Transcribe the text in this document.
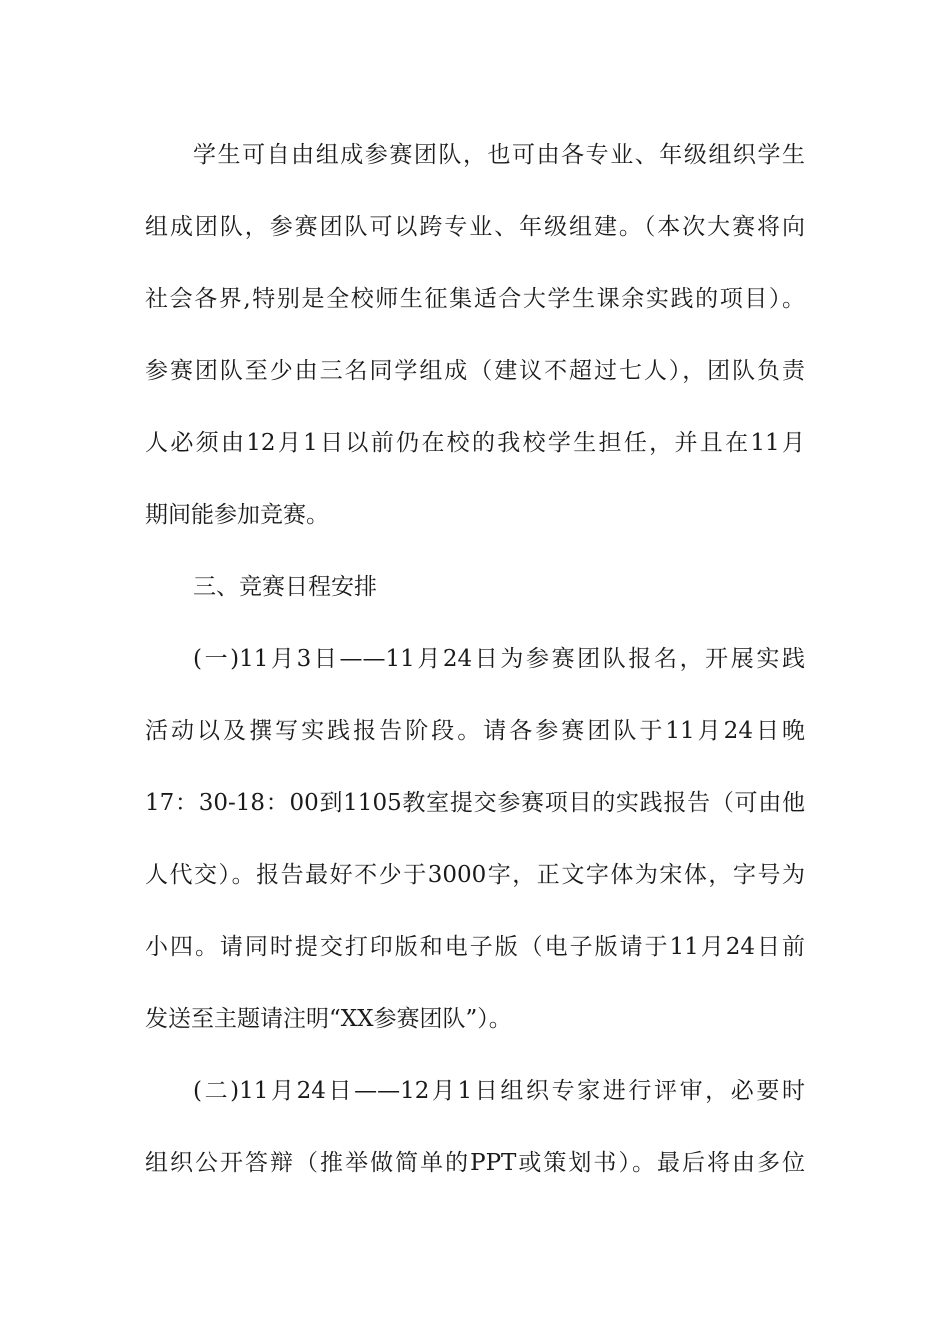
学生可自由组成参赛团队，也可由各专业、年级组织学生
组成团队，参赛团队可以跨专业、年级组建。（本次大赛将向
社会各界,特别是全校师生征集适合大学生课余实践的项目）。
参赛团队至少由三名同学组成（建议不超过七人），团队负责
人必须由12月1日以前仍在校的我校学生担任，并且在11月
期间能参加竞赛。
三、竞赛日程安排
(一)11月3日——11月24日为参赛团队报名，开展实践
活动以及撰写实践报告阶段。请各参赛团队于11月24日晚
17：30-18：00到1105教室提交参赛项目的实践报告（可由他
人代交）。报告最好不少于3000字，正文字体为宋体，字号为
小四。请同时提交打印版和电子版（电子版请于11月24日前
发送至主题请注明“XX参赛团队”）。
(二)11月24日——12月1日组织专家进行评审，必要时
组织公开答辩（推举做简单的PPT或策划书）。最后将由多位
